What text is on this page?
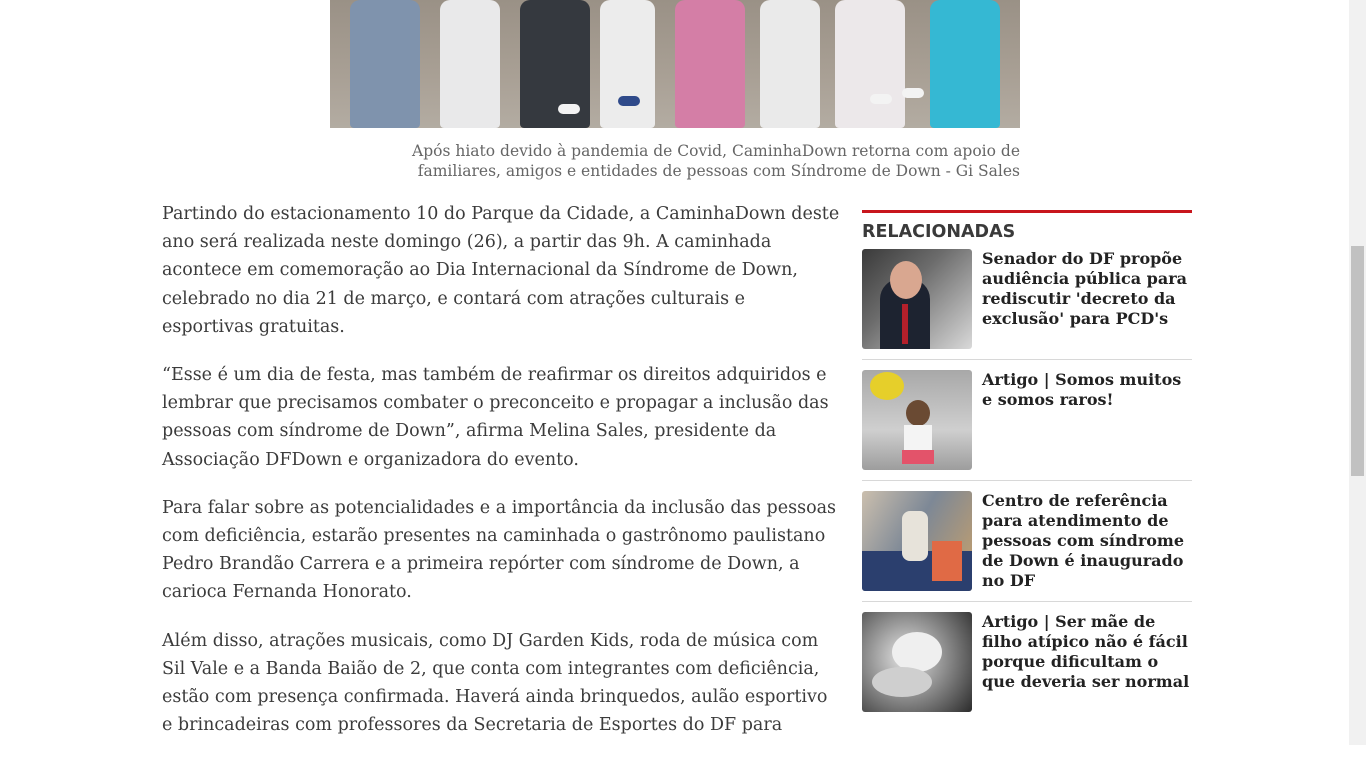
Após hiato devido à pandemia de Covid, CaminhaDown retorna com apoio de

familiares, amigos e entidades de pessoas com Síndrome de Down - Gi Sales

Partindo do estacionamento 10 do Parque da Cidade, a CaminhaDown deste ano será realizada neste domingo (26), a partir das 9h. A caminhada acontece em comemoração ao Dia Internacional da Síndrome de Down, celebrado no dia 21 de março, e contará com atrações culturais e esportivas gratuitas.

“Esse é um dia de festa, mas também de reafirmar os direitos adquiridos e lembrar que precisamos combater o preconceito e propagar a inclusão das pessoas com síndrome de Down”, afirma Melina Sales, presidente da Associação DFDown e organizadora do evento.

Para falar sobre as potencialidades e a importância da inclusão das pessoas com deficiência, estarão presentes na caminhada o gastrônomo paulistano Pedro Brandão Carrera e a primeira repórter com síndrome de Down, a carioca Fernanda Honorato.

Além disso, atrações musicais, como DJ Garden Kids, roda de música com Sil Vale e a Banda Baião de 2, que conta com integrantes com deficiência, estão com presença confirmada. Haverá ainda brinquedos, aulão esportivo e brincadeiras com professores da Secretaria de Esportes do DF para

RELACIONADAS
Senador do DF propõe audiência pública para rediscutir 'decreto da exclusão' para PCD's
Artigo | Somos muitos e somos raros!
Centro de referência para atendimento de pessoas com síndrome de Down é inaugurado no DF
Artigo | Ser mãe de filho atípico não é fácil porque dificultam o que deveria ser normal
